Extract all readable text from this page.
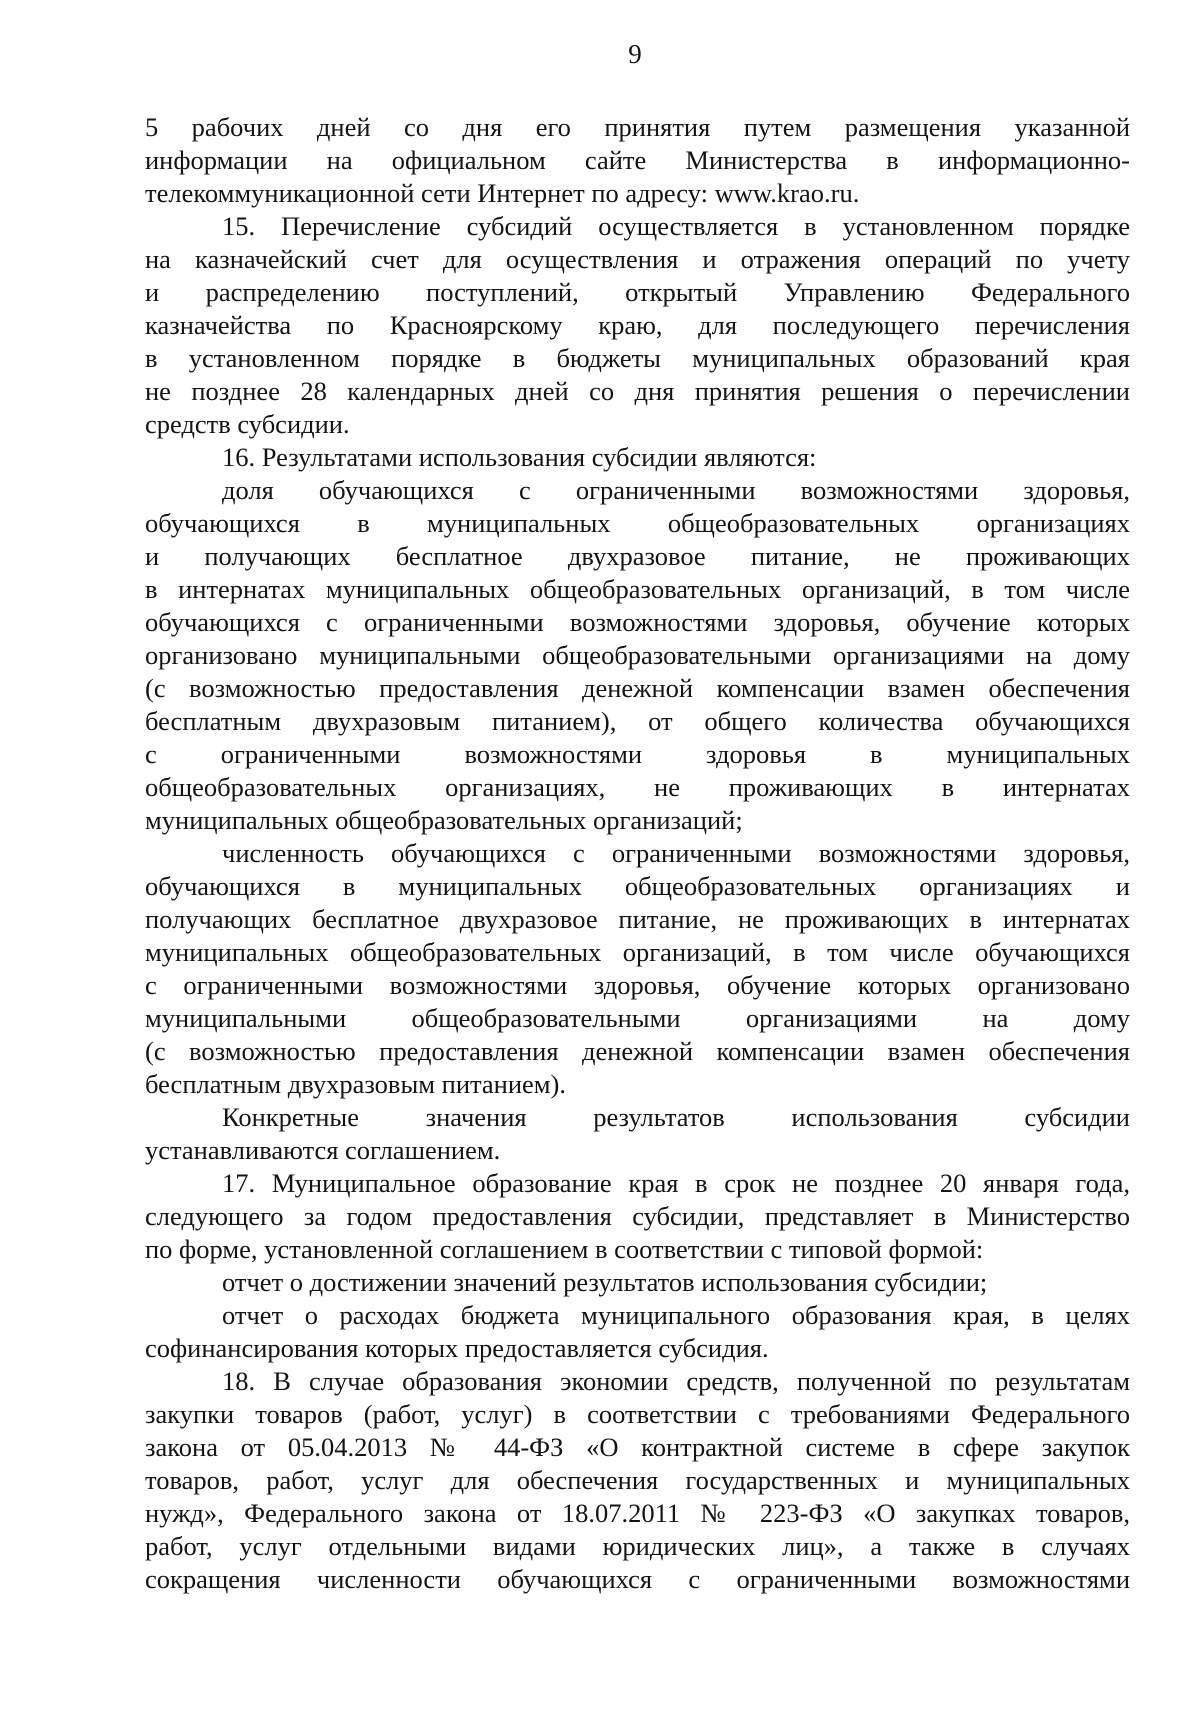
9
5 рабочих дней со дня его принятия путем размещения указанной
информации на официальном сайте Министерства в информационно-
телекоммуникационной сети Интернет по адресу: www.krao.ru.
15. Перечисление субсидий осуществляется в установленном порядке
на казначейский счет для осуществления и отражения операций по учету
и распределению поступлений, открытый Управлению Федерального
казначейства по Красноярскому краю, для последующего перечисления
в установленном порядке в бюджеты муниципальных образований края
не позднее 28 календарных дней со дня принятия решения о перечислении
средств субсидии.
16. Результатами использования субсидии являются:
доля обучающихся с ограниченными возможностями здоровья,
обучающихся в муниципальных общеобразовательных организациях
и получающих бесплатное двухразовое питание, не проживающих
в интернатах муниципальных общеобразовательных организаций, в том числе
обучающихся с ограниченными возможностями здоровья, обучение которых
организовано муниципальными общеобразовательными организациями на дому
(с возможностью предоставления денежной компенсации взамен обеспечения
бесплатным двухразовым питанием), от общего количества обучающихся
с ограниченными возможностями здоровья в муниципальных
общеобразовательных организациях, не проживающих в интернатах
муниципальных общеобразовательных организаций;
численность обучающихся с ограниченными возможностями здоровья,
обучающихся в муниципальных общеобразовательных организациях и
получающих бесплатное двухразовое питание, не проживающих в интернатах
муниципальных общеобразовательных организаций, в том числе обучающихся
с ограниченными возможностями здоровья, обучение которых организовано
муниципальными общеобразовательными организациями на дому
(с возможностью предоставления денежной компенсации взамен обеспечения
бесплатным двухразовым питанием).
Конкретные значения результатов использования субсидии
устанавливаются соглашением.
17. Муниципальное образование края в срок не позднее 20 января года,
следующего за годом предоставления субсидии, представляет в Министерство
по форме, установленной соглашением в соответствии с типовой формой:
отчет о достижении значений результатов использования субсидии;
отчет о расходах бюджета муниципального образования края, в целях
софинансирования которых предоставляется субсидия.
18. В случае образования экономии средств, полученной по результатам
закупки товаров (работ, услуг) в соответствии с требованиями Федерального
закона от 05.04.2013 № 44-ФЗ «О контрактной системе в сфере закупок
товаров, работ, услуг для обеспечения государственных и муниципальных
нужд», Федерального закона от 18.07.2011 № 223-ФЗ «О закупках товаров,
работ, услуг отдельными видами юридических лиц», а также в случаях
сокращения численности обучающихся с ограниченными возможностями
